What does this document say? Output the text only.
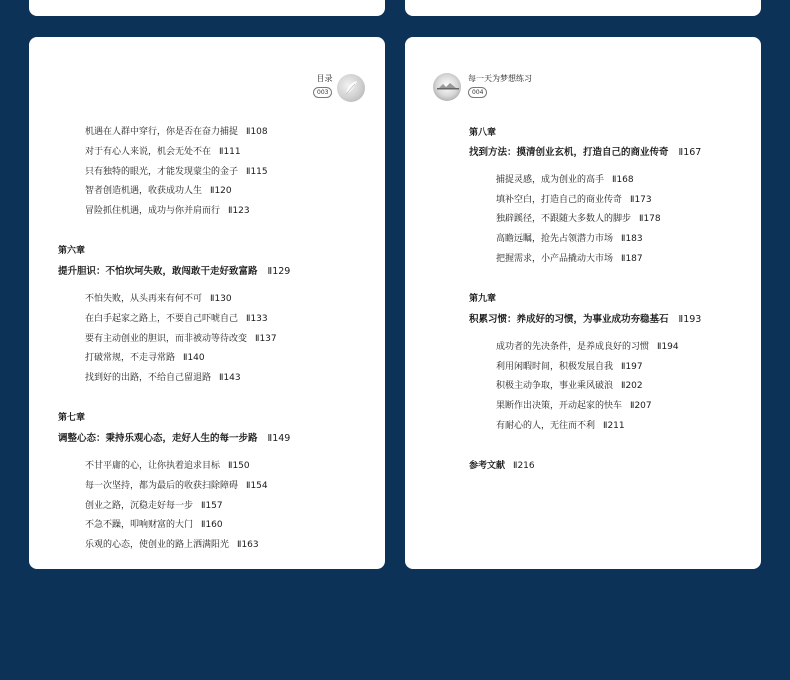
目录
003
机遇在人群中穿行，你是否在奋力捕捉 Ⅱ108
对于有心人来说，机会无处不在 Ⅱ111
只有独特的眼光，才能发现蒙尘的金子 Ⅱ115
智者创造机遇，收获成功人生 Ⅱ120
冒险抓住机遇，成功与你并肩而行 Ⅱ123
第六章
提升胆识：不怕坎坷失败，敢闯敢干走好致富路 Ⅱ129
不怕失败，从头再来有何不可 Ⅱ130
在白手起家之路上，不要自己吓唬自己 Ⅱ133
要有主动创业的胆识，而非被动等待改变 Ⅱ137
打破常规，不走寻常路 Ⅱ140
找到好的出路，不给自己留退路 Ⅱ143
第七章
调整心态：秉持乐观心态，走好人生的每一步路 Ⅱ149
不甘平庸的心，让你执着追求目标 Ⅱ150
每一次坚持，都为最后的收获扫除障碍 Ⅱ154
创业之路，沉稳走好每一步 Ⅱ157
不急不躁，叩响财富的大门 Ⅱ160
乐观的心态，使创业的路上洒满阳光 Ⅱ163
每一天为梦想练习
004
第八章
找到方法：摸清创业玄机，打造自己的商业传奇 Ⅱ167
捕捉灵感，成为创业的高手 Ⅱ168
填补空白，打造自己的商业传奇 Ⅱ173
独辟蹊径，不跟随大多数人的脚步 Ⅱ178
高瞻远瞩，抢先占领潜力市场 Ⅱ183
把握需求，小产品撬动大市场 Ⅱ187
第九章
积累习惯：养成好的习惯，为事业成功夯稳基石 Ⅱ193
成功者的先决条件，是养成良好的习惯 Ⅱ194
利用闲暇时间，积极发展自我 Ⅱ197
积极主动争取，事业乘风破浪 Ⅱ202
果断作出决策，开动起家的快车 Ⅱ207
有耐心的人，无往而不利 Ⅱ211
参考文献 Ⅱ216
